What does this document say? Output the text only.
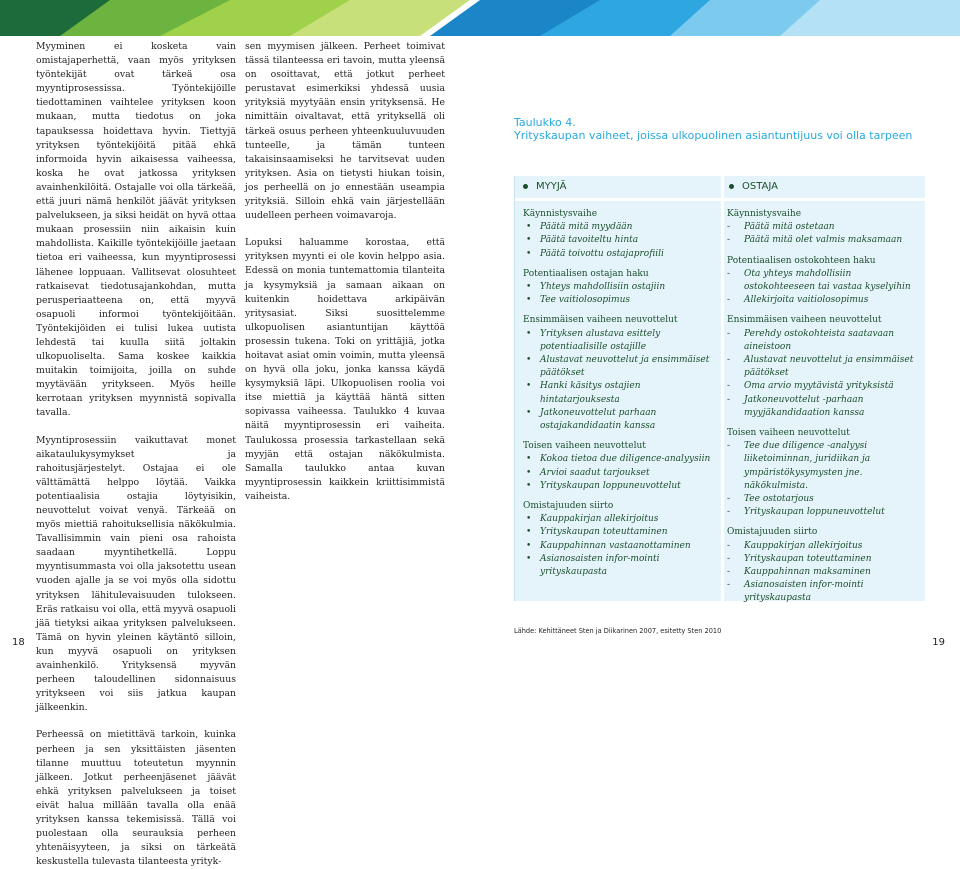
Myyminen ei kosketa vain omistajaperhettä, vaan myös yrityksen työntekijät ovat tärkeä osa myyntiprosessissa. Työntekijöille tiedottaminen vaihtelee yrityksen koon mukaan, mutta tiedotus on joka tapauksessa hoidettava hyvin. Tiettyjä yrityksen työntekijöitä pitää ehkä informoida hyvin aikaisessa vaiheessa, koska he ovat jatkossa yrityksen avainhenkilöitä. Ostajalle voi olla tärkeää, että juuri nämä henkilöt jäävät yrityksen palvelukseen, ja siksi heidät on hyvä ottaa mukaan prosessiin niin aikaisin kuin mahdollista. Kaikille työntekijöille jaetaan tietoa eri vaiheessa, kun myyntiprosessi lähenee loppuaan. Vallitsevat olosuhteet ratkaisevat tiedotusajankohdan, mutta perusperiaatteena on, että myyvä osapuoli informoi työntekijöitään. Työntekijöiden ei tulisi lukea uutista lehdestä tai kuulla siitä joltakin ulkopuoliselta. Sama koskee kaikkia muitakin toimijoita, joilla on suhde myytävään yritykseen. Myös heille kerrotaan yrityksen myynnistä sopivalla tavalla.

Myyntiprosessiin vaikuttavat monet aikataulukysymykset ja rahoitusjärjestelyt. Ostajaa ei ole välttämättä helppo löytää. Vaikka potentiaalisia ostajia löytyisikin, neuvottelut voivat venyä. Tärkeää on myös miettiä rahoituksellisia näkökulmia. Tavallisimmin vain pieni osa rahoista saadaan myyntihetkellä. Loppu myyntisummasta voi olla jaksotettu usean vuoden ajalle ja se voi myös olla sidottu yrityksen lähitulevaisuuden tulokseen. Eräs ratkaisu voi olla, että myyvä osapuoli jää tietyksi aikaa yrityksen palvelukseen. Tämä on hyvin yleinen käytäntö silloin, kun myyvä osapuoli on yrityksen avainhenkilö. Yrityksensä myyvän perheen taloudellinen sidonnaisuus yritykseen voi siis jatkua kaupan jälkeenkin.

Perheessä on mietittävä tarkoin, kuinka perheen ja sen yksittäisten jäsenten tilanne muuttuu toteutetun myynnin jälkeen. Jotkut perheenjäsenet jäävät ehkä yrityksen palvelukseen ja toiset eivät halua millään tavalla olla enää yrityksen kanssa tekemisissä. Tällä voi puolestaan olla seurauksia perheen yhtenäisyyteen, ja siksi on tärkeätä keskustella tulevasta tilanteesta yrityk-

sen myymisen jälkeen. Perheet toimivat tässä tilanteessa eri tavoin, mutta yleensä on osoittavat, että jotkut perheet perustavat esimerkiksi yhdessä uusia yrityksiä myytyään ensin yrityksensä. He nimittäin oivaltavat, että yrityksellä oli tärkeä osuus perheen yhteenkuuluvuuden tunteelle, ja tämän tunteen takaisinsaamiseksi he tarvitsevat uuden yrityksen. Asia on tietysti hiukan toisin, jos perheellä on jo ennestään useampia yrityksiä. Silloin ehkä vain järjestellään uudelleen perheen voimavaroja.

Lopuksi haluamme korostaa, että yrityksen myynti ei ole kovin helppo asia. Edessä on monia tuntemattomia tilanteita ja kysymyksiä ja samaan aikaan on kuitenkin hoidettava arkipäivän yritysasiat. Siksi suosittelemme ulkopuolisen asiantuntijan käyttöä prosessin tukena. Toki on yrittäjiä, jotka hoitavat asiat omin voimin, mutta yleensä on hyvä olla joku, jonka kanssa käydä kysymyksiä läpi. Ulkopuolisen roolia voi itse miettiä ja käyttää häntä sitten sopivassa vaiheessa. Taulukko 4 kuvaa näitä myyntiprosessin eri vaiheita. Taulukossa prosessia tarkastellaan sekä myyjän että ostajan näkökulmista. Samalla taulukko antaa kuvan myyntiprosessin kaikkein kriittisimmistä vaiheista.

18
Taulukko 4.
Yrityskaupan vaiheet, joissa ulkopuolinen asiantuntijuus voi olla tarpeen
MYYJÄ	OSTAJA

Käynnistysvaihe

• Päätä mitä myydään
• Päätä tavoiteltu hinta
• Päätä toivottu ostajaprofiili

Potentiaalisen ostajan haku

• Yhteys mahdollisiin ostajiin
• Tee vaitiolosopimus

Ensimmäisen vaiheen neuvottelut

• Yrityksen alustava esittely potentiaalisille ostajille
• Alustavat neuvottelut ja ensimmäiset päätökset
• Hanki käsitys ostajien hintatarjouksesta
• Jatkoneuvottelut parhaan ostajakandidaatin kanssa

Toisen vaiheen neuvottelut

• Kokoa tietoa due diligence-analyysiin
• Arvioi saadut tarjoukset
• Yrityskaupan loppuneuvottelut

Omistajuuden siirto

• Kauppakirjan allekirjoitus
• Yrityskaupan toteuttaminen
• Kauppahinnan vastaanottaminen
• Asianosaisten infor-mointi yrityskaupasta

Käynnistysvaihe

- Päätä mitä ostetaan
- Päätä mitä olet valmis maksamaan

Potentiaalisen ostokohteen haku

- Ota yhteys mahdollisiin ostokohteeseen tai vastaa kyselyihin
- Allekirjoita vaitiolosopimus

Ensimmäisen vaiheen neuvottelut

- Perehdy ostokohteista saatavaan aineistoon
- Alustavat neuvottelut ja ensimmäiset päätökset
- Oma arvio myytävistä yrityksistä
- Jatkoneuvottelut -parhaan myyjäkandidaation kanssa

Toisen vaiheen neuvottelut

- Tee due diligence -analyysi liiketoiminnan, juridiikan ja ympäristökysymysten jne. näkökulmista.
- Tee ostotarjous
- Yrityskaupan loppuneuvottelut

Omistajuuden siirto

- Kauppakirjan allekirjoitus
- Yrityskaupan toteuttaminen
- Kauppahinnan maksaminen
- Asianosaisten infor-mointi yrityskaupasta
Lähde: Kehittäneet Sten ja Diikarinen 2007, esitetty Sten 2010
19
